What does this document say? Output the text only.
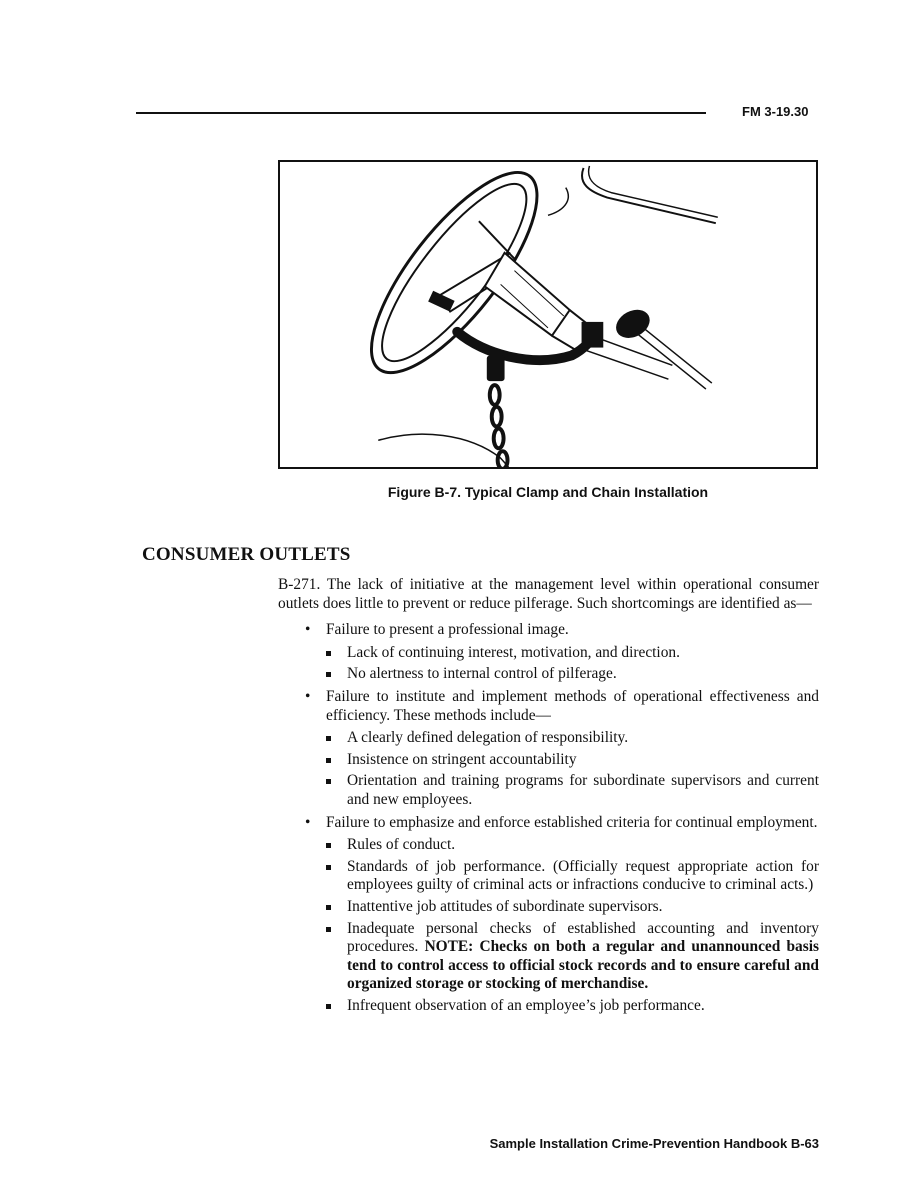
FM 3-19.30
Figure B-7. Typical Clamp and Chain Installation
CONSUMER OUTLETS

B-271. The lack of initiative at the management level within operational consumer outlets does little to prevent or reduce pilferage. Such shortcomings are identified as—

• Failure to present a professional image.
Lack of continuing interest, motivation, and direction.
No alertness to internal control of pilferage.
• Failure to institute and implement methods of operational effectiveness and efficiency. These methods include—
A clearly defined delegation of responsibility.
Insistence on stringent accountability
Orientation and training programs for subordinate supervisors and current and new employees.
• Failure to emphasize and enforce established criteria for continual employment.
Rules of conduct.
Standards of job performance. (Officially request appropriate action for employees guilty of criminal acts or infractions conducive to criminal acts.)
Inattentive job attitudes of subordinate supervisors.
Inadequate personal checks of established accounting and inventory procedures. NOTE: Checks on both a regular and unannounced basis tend to control access to official stock records and to ensure careful and organized storage or stocking of merchandise.
Infrequent observation of an employee’s job performance.
Sample Installation Crime-Prevention Handbook B-63
